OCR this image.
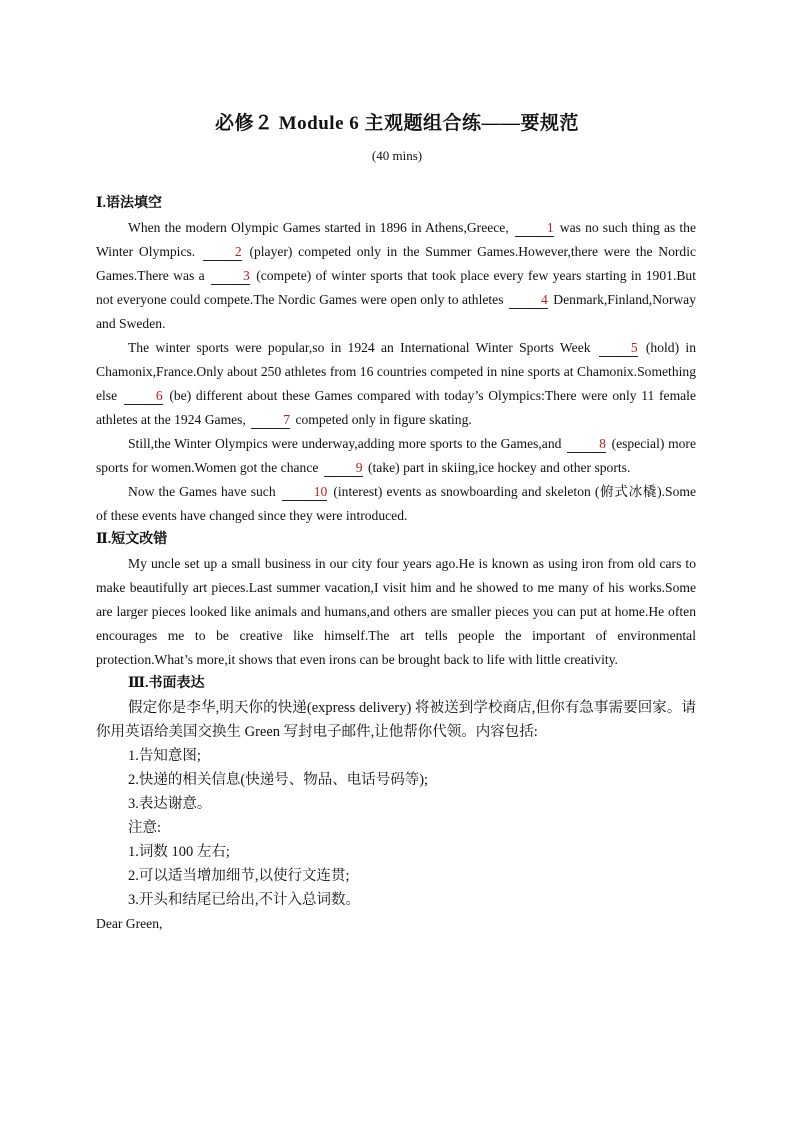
必修２ Module 6 主观题组合练——要规范
(40 mins)
Ⅰ.语法填空

When the modern Olympic Games started in 1896 in Athens,Greece,	1 was no such thing as the Winter Olympics.	2 (player) competed only in the Summer Games.However,there were the Nordic Games.There was a	3 (compete) of winter sports that took place every few years starting in 1901.But not everyone could compete.The Nordic Games were open only to athletes	4 Denmark,Finland,Norway and Sweden.

The winter sports were popular,so in 1924 an International Winter Sports Week	5 (hold) in Chamonix,France.Only about 250 athletes from 16 countries competed in nine sports at Chamonix.Something else	6 (be) different about these Games compared with today’s Olympics:There were only 11 female athletes at the 1924 Games,	7 competed only in figure skating.

Still,the Winter Olympics were underway,adding more sports to the Games,and	8 (especial) more sports for women.Women got the chance	9 (take) part in skiing,ice hockey and other sports.

Now the Games have such	10 (interest) events as snowboarding and skeleton (俯式冰橇).Some of these events have changed since they were introduced.

Ⅱ.短文改错

My uncle set up a small business in our city four years ago.He is known as using iron from old cars to make beautifully art pieces.Last summer vacation,I visit him and he showed to me many of his works.Some are larger pieces looked like animals and humans,and others are smaller pieces you can put at home.He often encourages me to be creative like himself.The art tells people the important of environmental protection.What’s more,it shows that even irons can be brought back to life with little creativity.

Ⅲ.书面表达

假定你是李华,明天你的快递(express delivery) 将被送到学校商店,但你有急事需要回家。请你用英语给美国交换生 Green 写封电子邮件,让他帮你代领。内容包括:

1.告知意图;
2.快递的相关信息(快递号、物品、电话号码等);
3.表达谢意。
注意:
1.词数 100 左右;
2.可以适当增加细节,以使行文连贯;
3.开头和结尾已给出,不计入总词数。
Dear Green,
